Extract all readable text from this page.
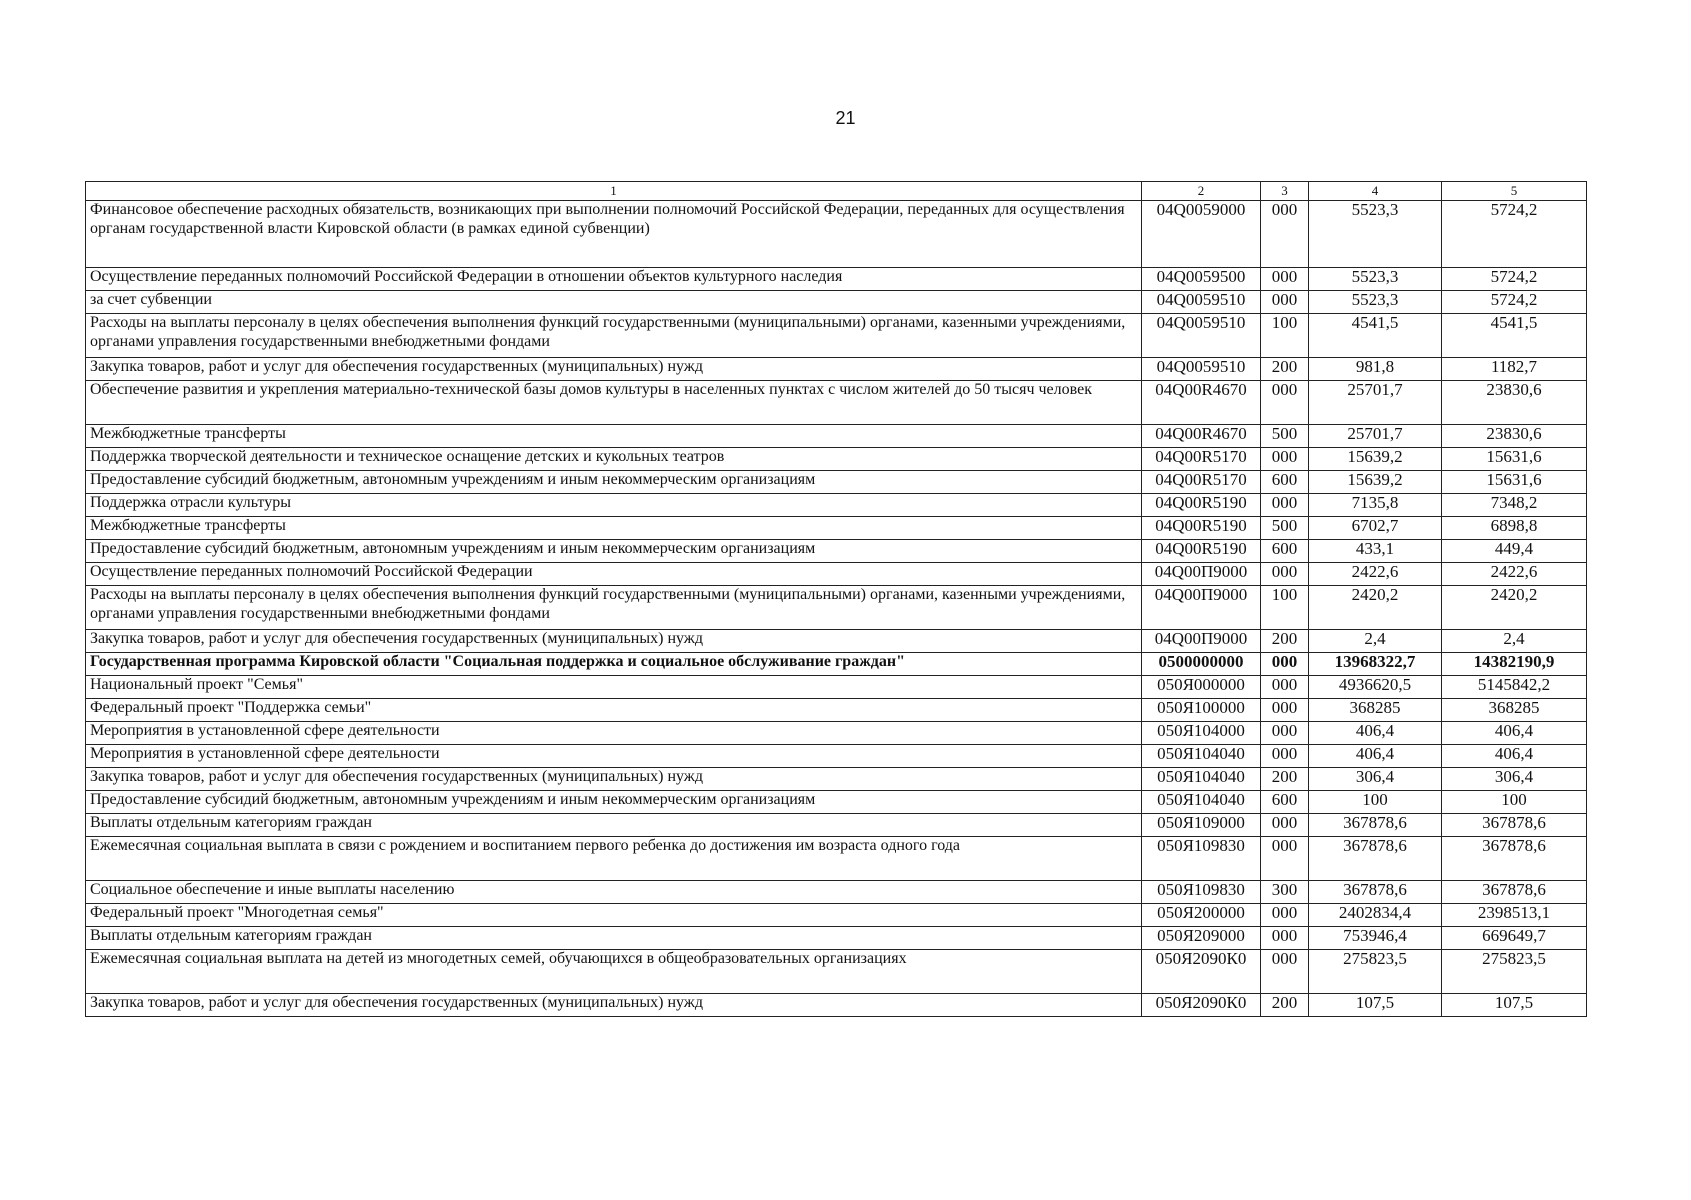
21
1	2	3	4	5
Финансовое обеспечение расходных обязательств, возникающих при выполнении полномочий Российской Федерации, переданных для осуществления органам государственной власти Кировской области (в рамках единой субвенции)	04Q0059000	000	5523,3	5724,2
Осуществление переданных полномочий Российской Федерации в отношении объектов культурного наследия	04Q0059500	000	5523,3	5724,2
за счет субвенции	04Q0059510	000	5523,3	5724,2
Расходы на выплаты персоналу в целях обеспечения выполнения функций государственными (муниципальными) органами, казенными учреждениями, органами управления государственными внебюджетными фондами	04Q0059510	100	4541,5	4541,5
Закупка товаров, работ и услуг для обеспечения государственных (муниципальных) нужд	04Q0059510	200	981,8	1182,7
Обеспечение развития и укрепления материально-технической базы домов культуры в населенных пунктах с числом жителей до 50 тысяч человек	04Q00R4670	000	25701,7	23830,6
Межбюджетные трансферты	04Q00R4670	500	25701,7	23830,6
Поддержка творческой деятельности и техническое оснащение детских и кукольных театров	04Q00R5170	000	15639,2	15631,6
Предоставление субсидий бюджетным, автономным учреждениям и иным некоммерческим организациям	04Q00R5170	600	15639,2	15631,6
Поддержка отрасли культуры	04Q00R5190	000	7135,8	7348,2
Межбюджетные трансферты	04Q00R5190	500	6702,7	6898,8
Предоставление субсидий бюджетным, автономным учреждениям и иным некоммерческим организациям	04Q00R5190	600	433,1	449,4
Осуществление переданных полномочий Российской Федерации	04Q00П9000	000	2422,6	2422,6
Расходы на выплаты персоналу в целях обеспечения выполнения функций государственными (муниципальными) органами, казенными учреждениями, органами управления государственными внебюджетными фондами	04Q00П9000	100	2420,2	2420,2
Закупка товаров, работ и услуг для обеспечения государственных (муниципальных) нужд	04Q00П9000	200	2,4	2,4
Государственная программа Кировской области "Социальная поддержка и социальное обслуживание граждан"	0500000000	000	13968322,7	14382190,9
Национальный проект "Семья"	050Я000000	000	4936620,5	5145842,2
Федеральный проект "Поддержка семьи"	050Я100000	000	368285	368285
Мероприятия в установленной сфере деятельности	050Я104000	000	406,4	406,4
Мероприятия в установленной сфере деятельности	050Я104040	000	406,4	406,4
Закупка товаров, работ и услуг для обеспечения государственных (муниципальных) нужд	050Я104040	200	306,4	306,4
Предоставление субсидий бюджетным, автономным учреждениям и иным некоммерческим организациям	050Я104040	600	100	100
Выплаты отдельным категориям граждан	050Я109000	000	367878,6	367878,6
Ежемесячная социальная выплата в связи с рождением и воспитанием первого ребенка до достижения им возраста одного года	050Я109830	000	367878,6	367878,6
Социальное обеспечение и иные выплаты населению	050Я109830	300	367878,6	367878,6
Федеральный проект "Многодетная семья"	050Я200000	000	2402834,4	2398513,1
Выплаты отдельным категориям граждан	050Я209000	000	753946,4	669649,7
Ежемесячная социальная выплата на детей из многодетных семей, обучающихся в общеобразовательных организациях	050Я2090К0	000	275823,5	275823,5
Закупка товаров, работ и услуг для обеспечения государственных (муниципальных) нужд	050Я2090К0	200	107,5	107,5
